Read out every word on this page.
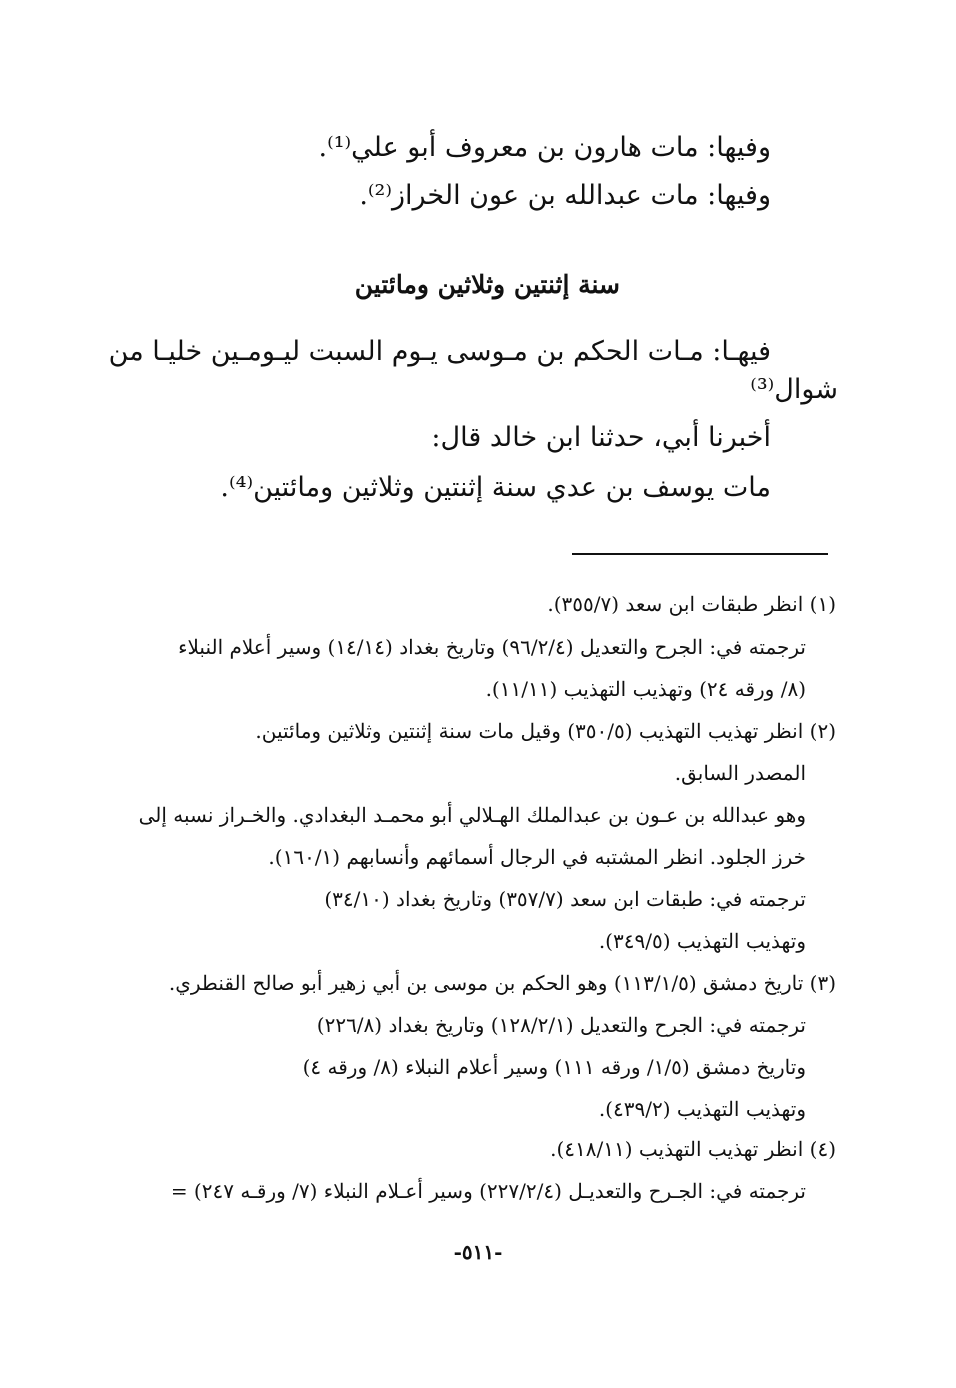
وفيها: مات هارون بن معروف أبو علي⁽¹⁾.
وفيها: مات عبدالله بن عون الخراز⁽²⁾.
سنة إثنتين وثلاثين ومائتين
فيهـا: مـات الحكم بن مـوسى يـوم السبت ليـومـين خليـا من
شوال⁽³⁾
أخبرنا أبي، حدثنا ابن خالد قال:
مات يوسف بن عدي سنة إثنتين وثلاثين ومائتين⁽⁴⁾.
(١) انظر طبقات ابن سعد (٣٥٥/٧).
ترجمته في: الجرح والتعديل (٩٦/٢/٤) وتاريخ بغداد (١٤/١٤) وسير أعلام النبلاء
(٨/ ورقه ٢٤) وتهذيب التهذيب (١١/١١).
(٢) انظر تهذيب التهذيب (٣٥٠/٥) وقيل مات سنة إثنتين وثلاثين ومائتين.
المصدر السابق.
وهو عبدالله بن عـون بن عبدالملك الهـلالي أبو محمـد البغدادي. والخـراز نسبه إلى
خرز الجلود. انظر المشتبه في الرجال أسمائهم وأنسابهم (١٦٠/١).
ترجمته في: طبقات ابن سعد (٣٥٧/٧) وتاريخ بغداد (٣٤/١٠)
وتهذيب التهذيب (٣٤٩/٥).
(٣) تاريخ دمشق (١١٣/١/٥) وهو الحكم بن موسى بن أبي زهير أبو صالح القنطري.
ترجمته في: الجرح والتعديل (١٢٨/٢/١) وتاريخ بغداد (٢٢٦/٨)
وتاريخ دمشق (١/٥/ ورقه ١١١) وسير أعلام النبلاء (٨/ ورقه ٤)
وتهذيب التهذيب (٤٣٩/٢).
(٤) انظر تهذيب التهذيب (٤١٨/١١).
ترجمته في: الجـرح والتعديـل (٢٢٧/٢/٤) وسير أعـلام النبلاء (٧/ ورقـه ٢٤٧) =
-٥١١-
